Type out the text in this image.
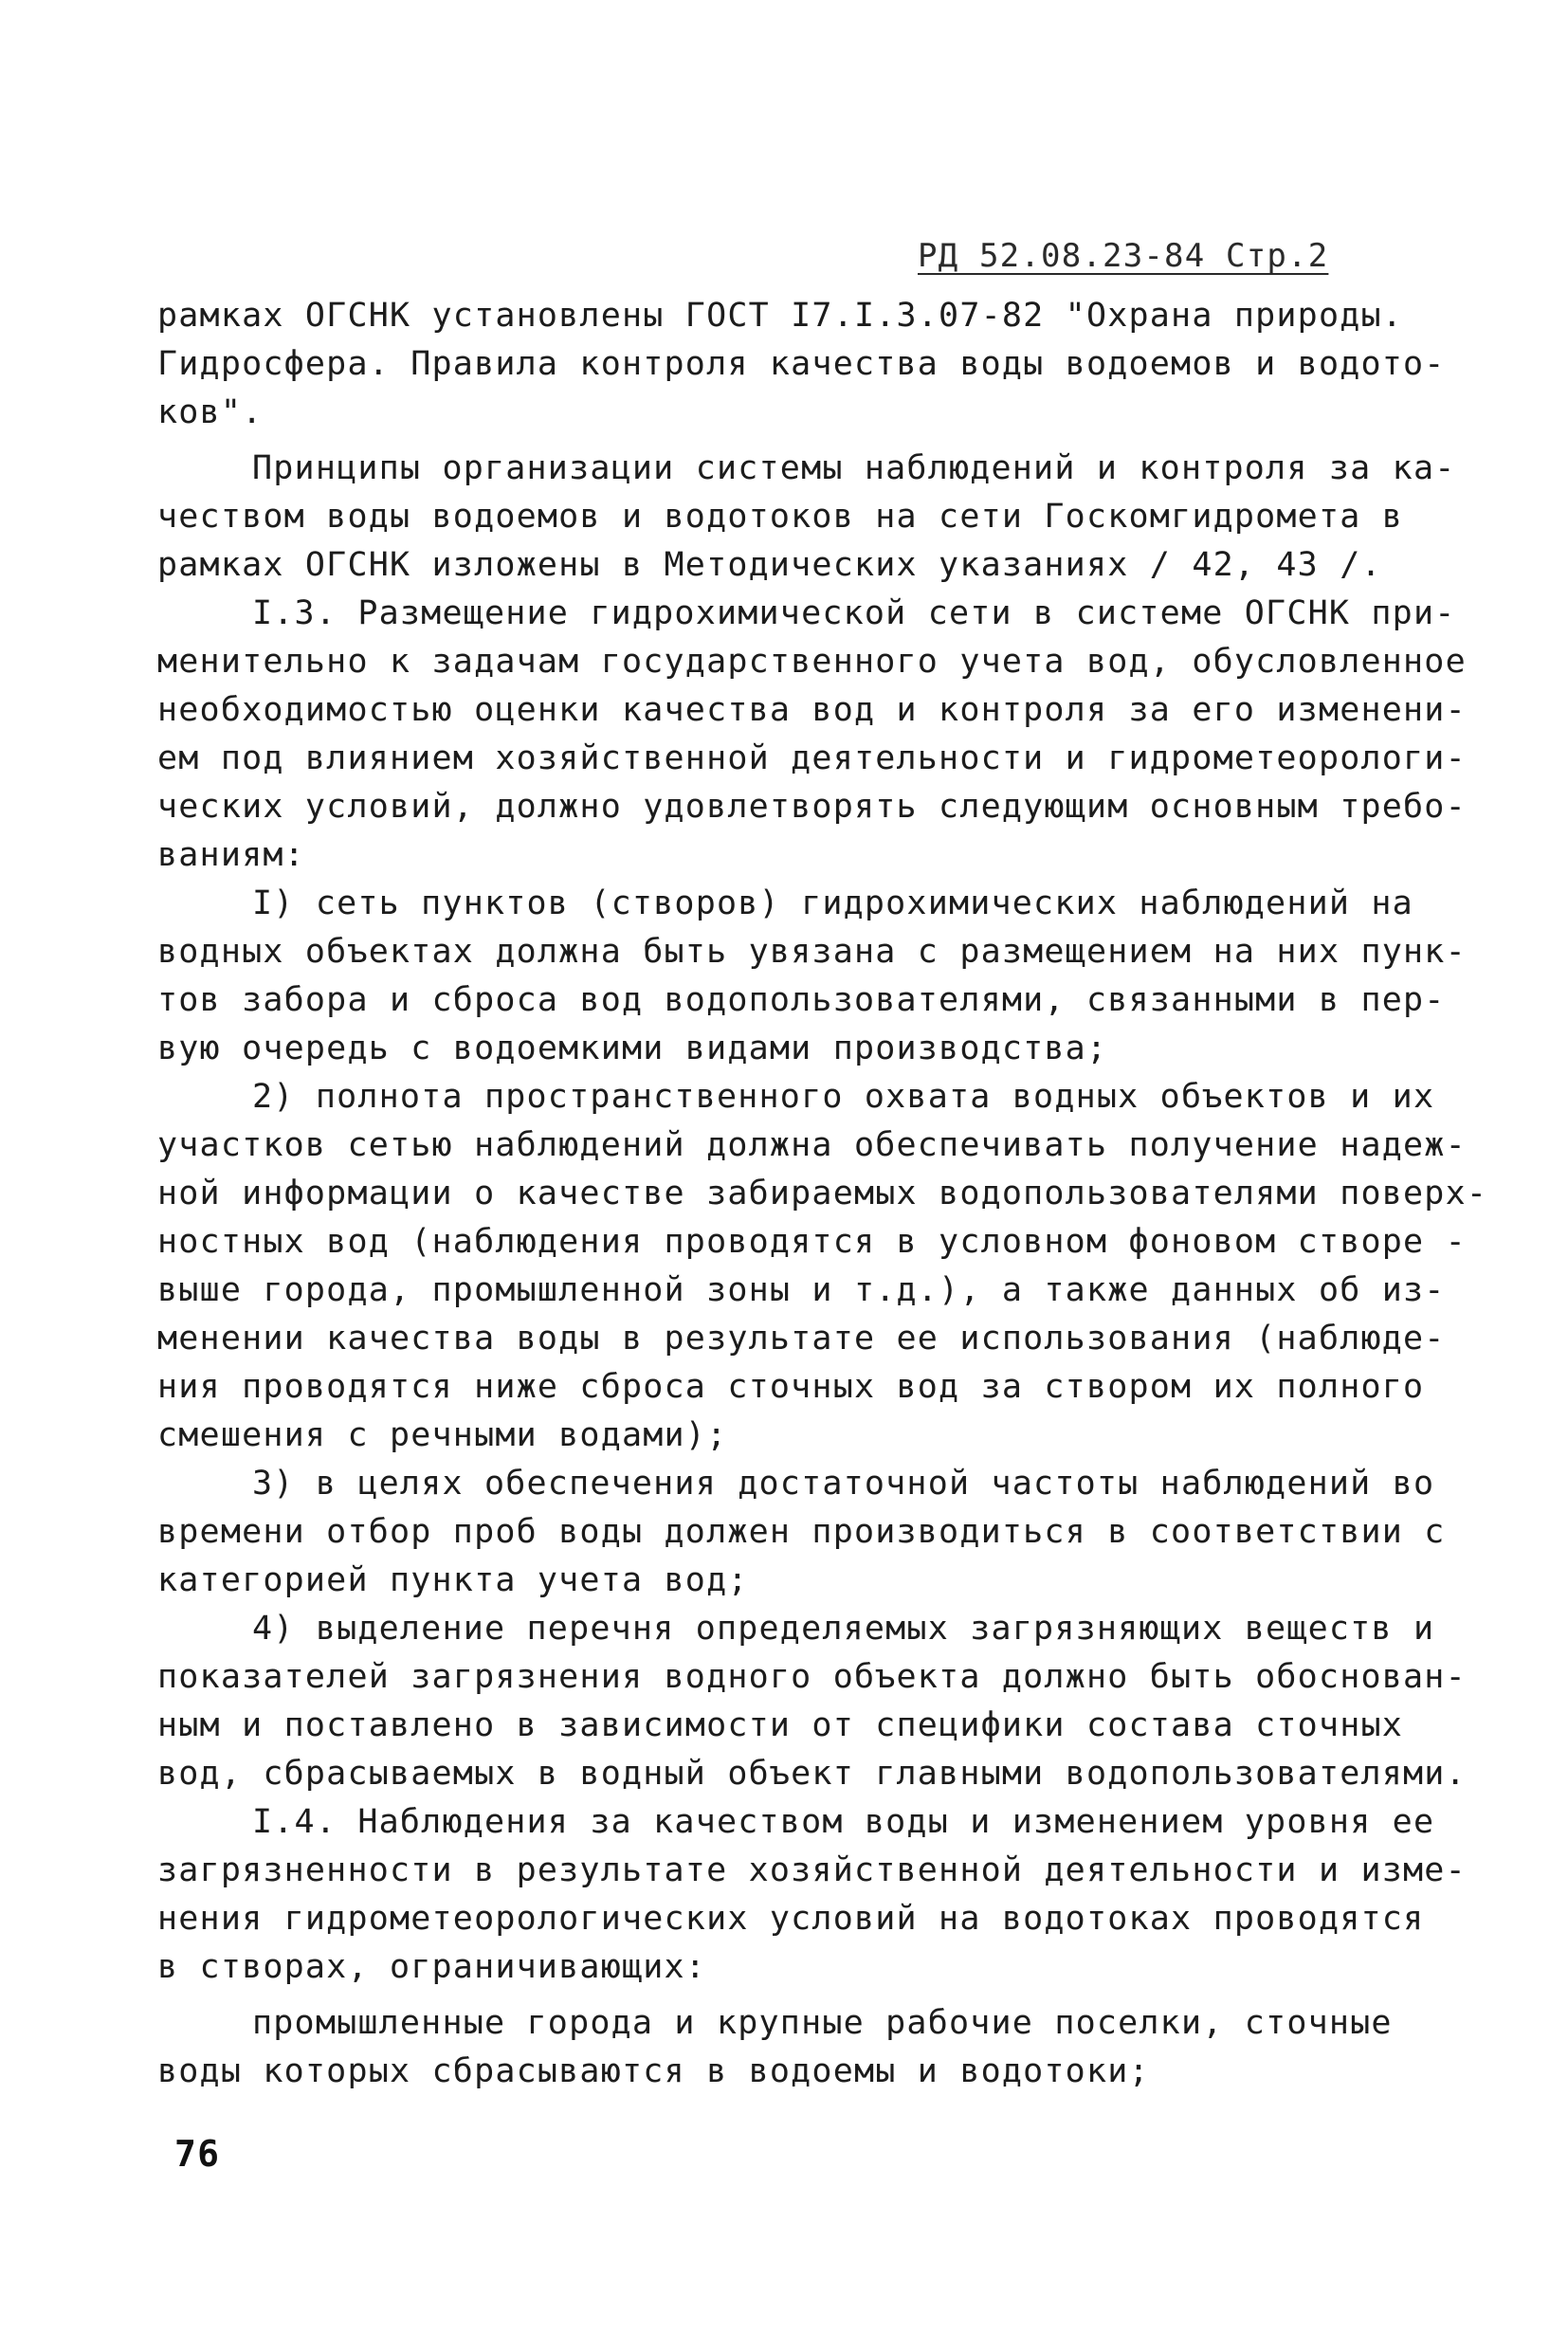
РД 52.08.23-84 Стр.2
рамках ОГСНК установлены ГОСТ I7.I.3.07-82 "Охрана природы.
Гидросфера. Правила контроля качества воды водоемов и водото-
ков".
Принципы организации системы наблюдений и контроля за ка-
чеством воды водоемов и водотоков на сети Госкомгидромета в
рамках ОГСНК изложены в Методических указаниях / 42, 43 /.
I.3. Размещение гидрохимической сети в системе ОГСНК при-
менительно к задачам государственного учета вод, обусловленное
необходимостью оценки качества вод и контроля за его изменени-
ем под влиянием хозяйственной деятельности и гидрометеорологи-
ческих условий, должно удовлетворять следующим основным требо-
ваниям:
I) сеть пунктов (створов) гидрохимических наблюдений на
водных объектах должна быть увязана с размещением на них пунк-
тов забора и сброса вод водопользователями, связанными в пер-
вую очередь с водоемкими видами производства;
2) полнота пространственного охвата водных объектов и их
участков сетью наблюдений должна обеспечивать получение надеж-
ной информации о качестве забираемых водопользователями поверх-
ностных вод (наблюдения проводятся в условном фоновом створе -
выше города, промышленной зоны и т.д.), а также данных об из-
менении качества воды в результате ее использования (наблюде-
ния проводятся ниже сброса сточных вод за створом их полного
смешения с речными водами);
3) в целях обеспечения достаточной частоты наблюдений во
времени отбор проб воды должен производиться в соответствии с
категорией пункта учета вод;
4) выделение перечня определяемых загрязняющих веществ и
показателей загрязнения водного объекта должно быть обоснован-
ным и поставлено в зависимости от специфики состава сточных
вод, сбрасываемых в водный объект главными водопользователями.
I.4. Наблюдения за качеством воды и изменением уровня ее
загрязненности в результате хозяйственной деятельности и изме-
нения гидрометеорологических условий на водотоках проводятся
в створах, ограничивающих:
промышленные города и крупные рабочие поселки, сточные
воды которых сбрасываются в водоемы и водотоки;
76
